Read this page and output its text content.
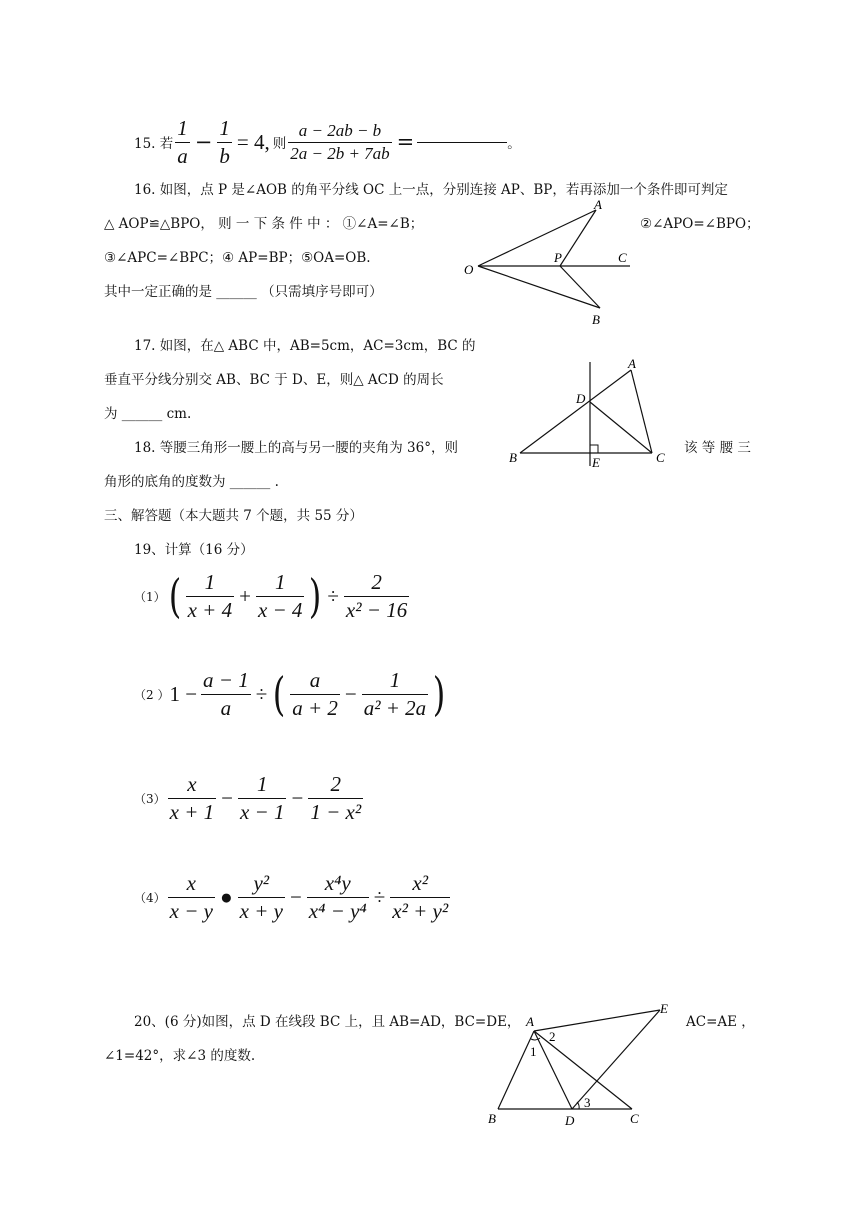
15. 若 $\frac{1}{a} - \frac{1}{b} = 4$, 则 $\frac{a - 2ab - b}{2a - 2b + 7ab}$ =	。
16. 如图，点 P 是∠AOB 的角平分线 OC 上一点，分别连接 AP、BP，若再添加一个条件即可判定
△ AOP≌△BPO， 则 一 下 条 件 中 ： ①∠A=∠B；	②∠APO=∠BPO；
③∠APC=∠BPC；④ AP=BP；⑤OA=OB.
其中一定正确的是 ______ （只需填序号即可）
A
O
P	C
B
17. 如图，在△ ABC 中，AB=5cm，AC=3cm，BC 的
垂直平分线分别交 AB、BC 于 D、E，则△ ACD 的周长
为 ______ cm.
A
D
B	E	C
18. 等腰三角形一腰上的高与另一腰的夹角为 36°，则	该 等 腰 三
角形的底角的度数为 ______ .
三、解答题（本大题共 7 个题，共 55 分）
19、计算（16 分）
（1） ( $\frac{1}{x + 4} + \frac{1}{x - 4}$ ) ÷ $\frac{2}{\text{x² − 16}}$
（2 ） $1 - \frac{a - 1}{a}$ ÷ ( $\frac{a}{a + 2} - \frac{1}{\text{a² + 2a}}$ )
$(3) \frac{x}{x + 1} - \frac{1}{x - 1} - \frac{2}{\text{1 − x²}}$
$(4) \frac{x}{x - y}$ ● $\frac{\text{y²}}{x + y} - \frac{\text{x⁴y}}{\text{x⁴ − y⁴}} \div \frac{\text{x²}}{\text{x² + y²}}$
20、(6 分)如图，点 D 在线段 BC 上，且 AB=AD，BC=DE，	AC=AE ，
∠1=42°，求∠3 的度数.
A
E
1
2
3
B	D	C
